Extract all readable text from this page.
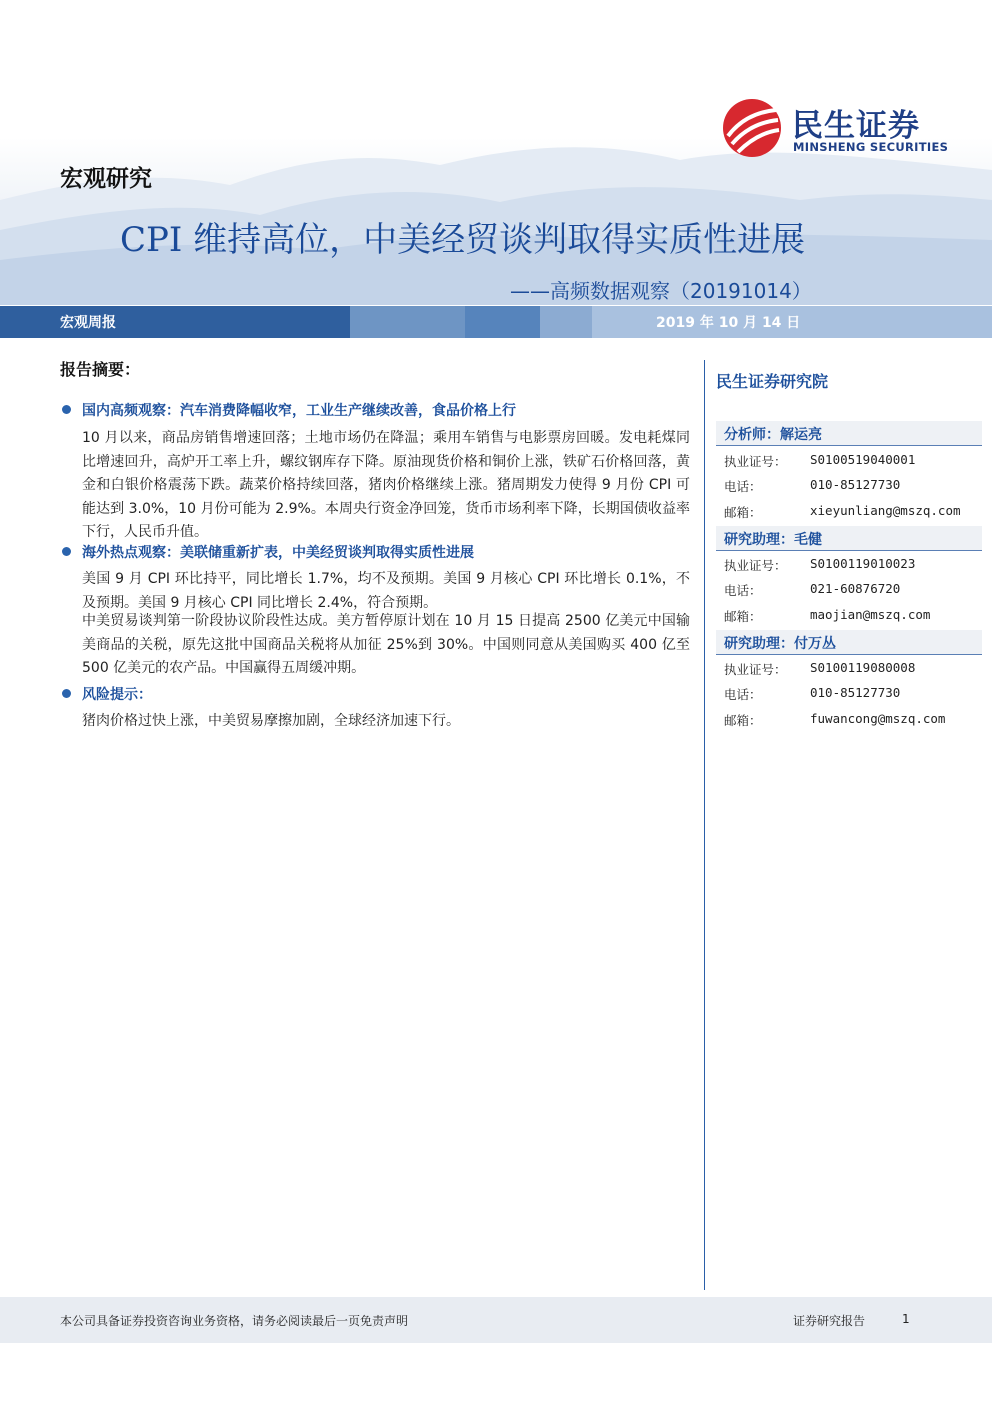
民生证券
MINSHENG SECURITIES
宏观研究
CPI 维持高位，中美经贸谈判取得实质性进展
——高频数据观察（20191014）
宏观周报	2019 年 10 月 14 日
报告摘要：
国内高频观察：汽车消费降幅收窄，工业生产继续改善，食品价格上行
10 月以来，商品房销售增速回落；土地市场仍在降温；乘用车销售与电影票房回暖。发电耗煤同比增速回升，高炉开工率上升，螺纹钢库存下降。原油现货价格和铜价上涨，铁矿石价格回落，黄金和白银价格震荡下跌。蔬菜价格持续回落，猪肉价格继续上涨。猪周期发力使得 9 月份 CPI 可能达到 3.0%，10 月份可能为 2.9%。本周央行资金净回笼，货币市场利率下降，长期国债收益率下行，人民币升值。
海外热点观察：美联储重新扩表，中美经贸谈判取得实质性进展
美国 9 月 CPI 环比持平，同比增长 1.7%，均不及预期。美国 9 月核心 CPI 环比增长 0.1%，不及预期。美国 9 月核心 CPI 同比增长 2.4%，符合预期。
中美贸易谈判第一阶段协议阶段性达成。美方暂停原计划在 10 月 15 日提高 2500 亿美元中国输美商品的关税，原先这批中国商品关税将从加征 25%到 30%。中国则同意从美国购买 400 亿至 500 亿美元的农产品。中国赢得五周缓冲期。
风险提示：
猪肉价格过快上涨，中美贸易摩擦加剧，全球经济加速下行。
民生证券研究院
分析师：解运亮
执业证号： S0100519040001
电话：	010-85127730
邮箱：	xieyunliang@mszq.com
研究助理：毛健
执业证号： S0100119010023
电话：	021-60876720
邮箱：	maojian@mszq.com
研究助理：付万丛
执业证号： S0100119080008
电话：	010-85127730
邮箱：	fuwancong@mszq.com
本公司具备证券投资咨询业务资格，请务必阅读最后一页免责声明	证券研究报告	1
